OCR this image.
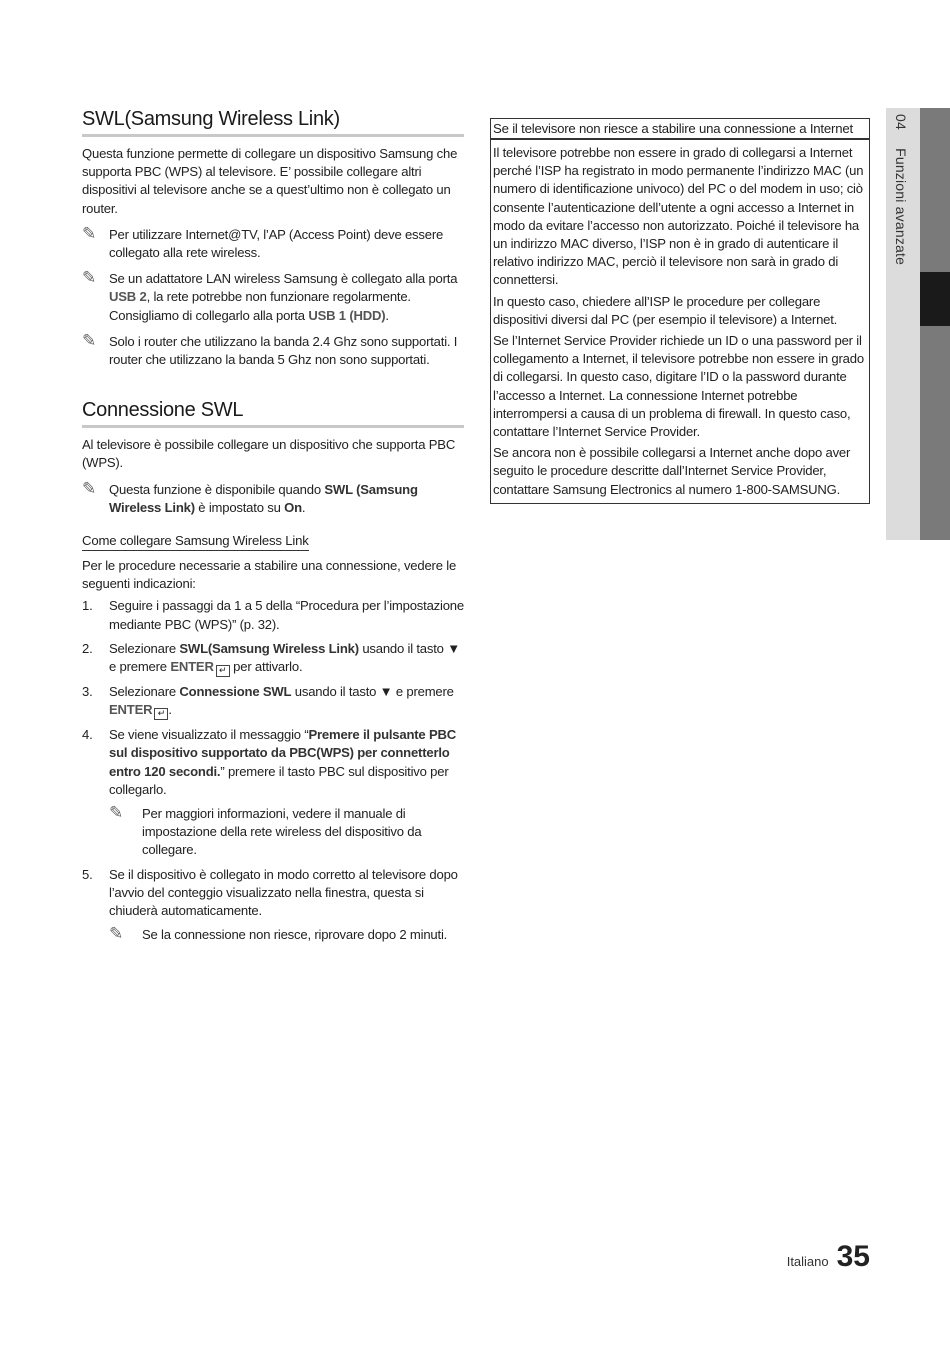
04 Funzioni avanzate
SWL(Samsung Wireless Link)

Questa funzione permette di collegare un dispositivo Samsung che supporta PBC (WPS) al televisore. E’ possibile collegare altri dispositivi al televisore anche se a quest’ultimo non è collegato un router.

✎ Per utilizzare Internet@TV, l’AP (Access Point) deve essere collegato alla rete wireless.
✎ Se un adattatore LAN wireless Samsung è collegato alla porta USB 2, la rete potrebbe non funzionare regolarmente. Consigliamo di collegarlo alla porta USB 1 (HDD).
✎ Solo i router che utilizzano la banda 2.4 Ghz sono supportati. I router che utilizzano la banda 5 Ghz non sono supportati.
Connessione SWL

Al televisore è possibile collegare un dispositivo che supporta PBC (WPS).

✎ Questa funzione è disponibile quando SWL (Samsung Wireless Link) è impostato su On.
Come collegare Samsung Wireless Link

Per le procedure necessarie a stabilire una connessione, vedere le seguenti indicazioni:

1. Seguire i passaggi da 1 a 5 della “Procedura per l’impostazione mediante PBC (WPS)” (p. 32).
2. Selezionare SWL(Samsung Wireless Link) usando il tasto ▼ e premere ENTER ↵ per attivarlo.
3. Selezionare Connessione SWL usando il tasto ▼ e premere ENTER ↵ .
4. Se viene visualizzato il messaggio “Premere il pulsante PBC sul dispositivo supportato da PBC(WPS) per connetterlo entro 120 secondi.” premere il tasto PBC sul dispositivo per collegarlo.
✎ Per maggiori informazioni, vedere il manuale di impostazione della rete wireless del dispositivo da collegare.
5. Se il dispositivo è collegato in modo corretto al televisore dopo l’avvio del conteggio visualizzato nella finestra, questa si chiuderà automaticamente.
✎ Se la connessione non riesce, riprovare dopo 2 minuti.
Se il televisore non riesce a stabilire una connessione a Internet

Il televisore potrebbe non essere in grado di collegarsi a Internet perché l’ISP ha registrato in modo permanente l’indirizzo MAC (un numero di identificazione univoco) del PC o del modem in uso; ciò consente l’autenticazione dell’utente a ogni accesso a Internet in modo da evitare l’accesso non autorizzato. Poiché il televisore ha un indirizzo MAC diverso, l’ISP non è in grado di autenticare il relativo indirizzo MAC, perciò il televisore non sarà in grado di connettersi.

In questo caso, chiedere all’ISP le procedure per collegare dispositivi diversi dal PC (per esempio il televisore) a Internet.

Se l’Internet Service Provider richiede un ID o una password per il collegamento a Internet, il televisore potrebbe non essere in grado di collegarsi. In questo caso, digitare l’ID o la password durante l’accesso a Internet. La connessione Internet potrebbe interrompersi a causa di un problema di firewall. In questo caso, contattare l’Internet Service Provider.

Se ancora non è possibile collegarsi a Internet anche dopo aver seguito le procedure descritte dall’Internet Service Provider, contattare Samsung Electronics al numero 1-800-SAMSUNG.

Italiano 35
